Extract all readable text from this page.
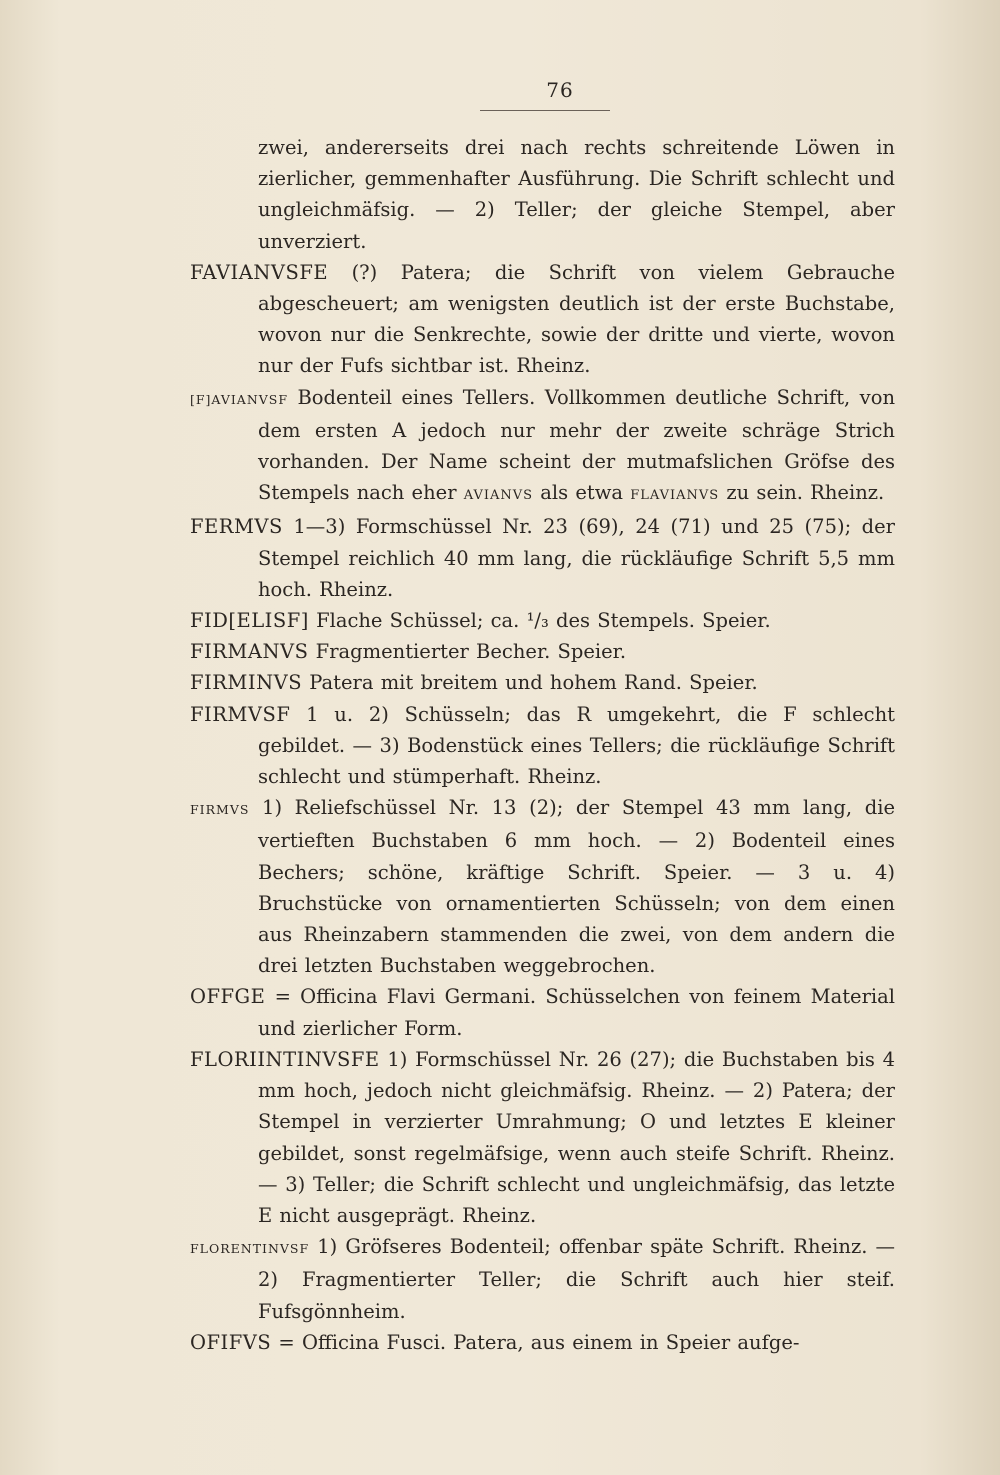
76

zwei, andererseits drei nach rechts schreitende Löwen in zierlicher, gemmenhafter Ausführung. Die Schrift schlecht und ungleichmäfsig. — 2) Teller; der gleiche Stempel, aber unverziert.

FAVIANVSFE (?) Patera; die Schrift von vielem Gebrauche abgescheuert; am wenigsten deutlich ist der erste Buchstabe, wovon nur die Senkrechte, sowie der dritte und vierte, wovon nur der Fufs sichtbar ist. Rheinz.

[F]AVIANVSF Bodenteil eines Tellers. Vollkommen deutliche Schrift, von dem ersten A jedoch nur mehr der zweite schräge Strich vorhanden. Der Name scheint der mutmafslichen Gröfse des Stempels nach eher AVIANVS als etwa FLAVIANVS zu sein. Rheinz.

FERMVS 1—3) Formschüssel Nr. 23 (69), 24 (71) und 25 (75); der Stempel reichlich 40 mm lang, die rückläufige Schrift 5,5 mm hoch. Rheinz.

FID[ELISF] Flache Schüssel; ca. ¹/₃ des Stempels. Speier.

FIRMANVS Fragmentierter Becher. Speier.

FIRMINVS Patera mit breitem und hohem Rand. Speier.

FIRMVSF 1 u. 2) Schüsseln; das R umgekehrt, die F schlecht gebildet. — 3) Bodenstück eines Tellers; die rückläufige Schrift schlecht und stümperhaft. Rheinz.

FIRMVS 1) Reliefschüssel Nr. 13 (2); der Stempel 43 mm lang, die vertieften Buchstaben 6 mm hoch. — 2) Bodenteil eines Bechers; schöne, kräftige Schrift. Speier. — 3 u. 4) Bruchstücke von ornamentierten Schüsseln; von dem einen aus Rheinzabern stammenden die zwei, von dem andern die drei letzten Buchstaben weggebrochen.

OFFGE = Officina Flavi Germani. Schüsselchen von feinem Material und zierlicher Form.

FLORIINTINVSFE 1) Formschüssel Nr. 26 (27); die Buchstaben bis 4 mm hoch, jedoch nicht gleichmäfsig. Rheinz. — 2) Patera; der Stempel in verzierter Umrahmung; O und letztes E kleiner gebildet, sonst regelmäfsige, wenn auch steife Schrift. Rheinz. — 3) Teller; die Schrift schlecht und ungleichmäfsig, das letzte E nicht ausgeprägt. Rheinz.

FLORENTINVSF 1) Gröfseres Bodenteil; offenbar späte Schrift. Rheinz. — 2) Fragmentierter Teller; die Schrift auch hier steif. Fufsgönnheim.

OFIFVS = Officina Fusci. Patera, aus einem in Speier aufge-
